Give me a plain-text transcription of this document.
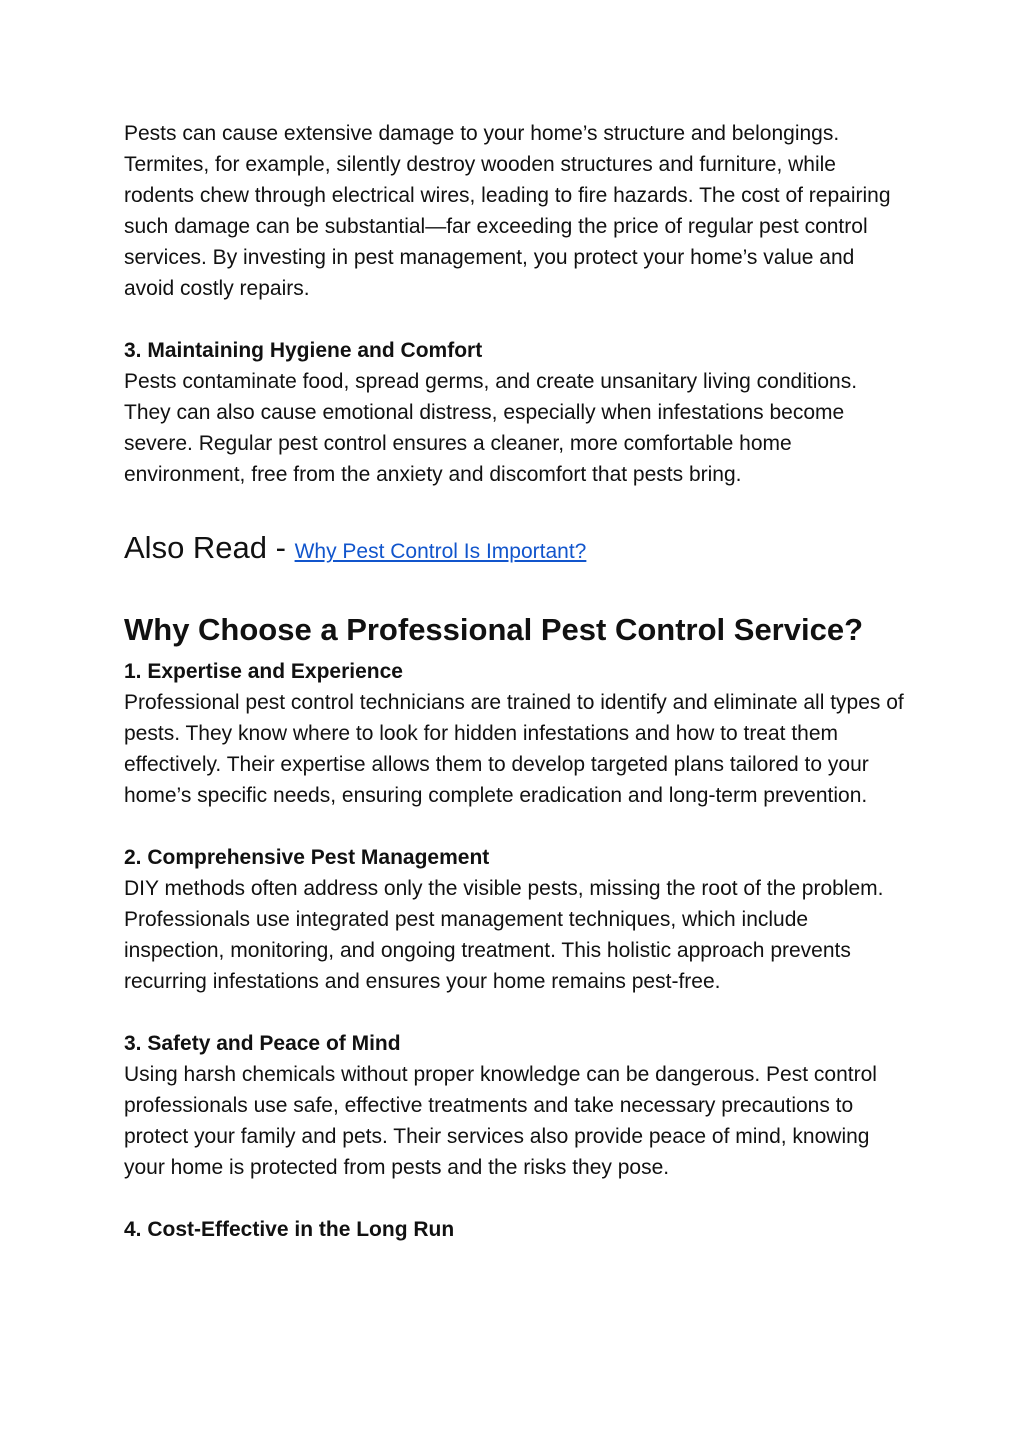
Pests can cause extensive damage to your home’s structure and belongings. Termites, for example, silently destroy wooden structures and furniture, while rodents chew through electrical wires, leading to fire hazards. The cost of repairing such damage can be substantial—far exceeding the price of regular pest control services. By investing in pest management, you protect your home’s value and avoid costly repairs.

3. Maintaining Hygiene and Comfort

Pests contaminate food, spread germs, and create unsanitary living conditions. They can also cause emotional distress, especially when infestations become severe. Regular pest control ensures a cleaner, more comfortable home environment, free from the anxiety and discomfort that pests bring.

Also Read - Why Pest Control Is Important?
Why Choose a Professional Pest Control Service?
1. Expertise and Experience

Professional pest control technicians are trained to identify and eliminate all types of pests. They know where to look for hidden infestations and how to treat them effectively. Their expertise allows them to develop targeted plans tailored to your home’s specific needs, ensuring complete eradication and long-term prevention.

2. Comprehensive Pest Management

DIY methods often address only the visible pests, missing the root of the problem. Professionals use integrated pest management techniques, which include inspection, monitoring, and ongoing treatment. This holistic approach prevents recurring infestations and ensures your home remains pest-free.

3. Safety and Peace of Mind

Using harsh chemicals without proper knowledge can be dangerous. Pest control professionals use safe, effective treatments and take necessary precautions to protect your family and pets. Their services also provide peace of mind, knowing your home is protected from pests and the risks they pose.

4. Cost-Effective in the Long Run
